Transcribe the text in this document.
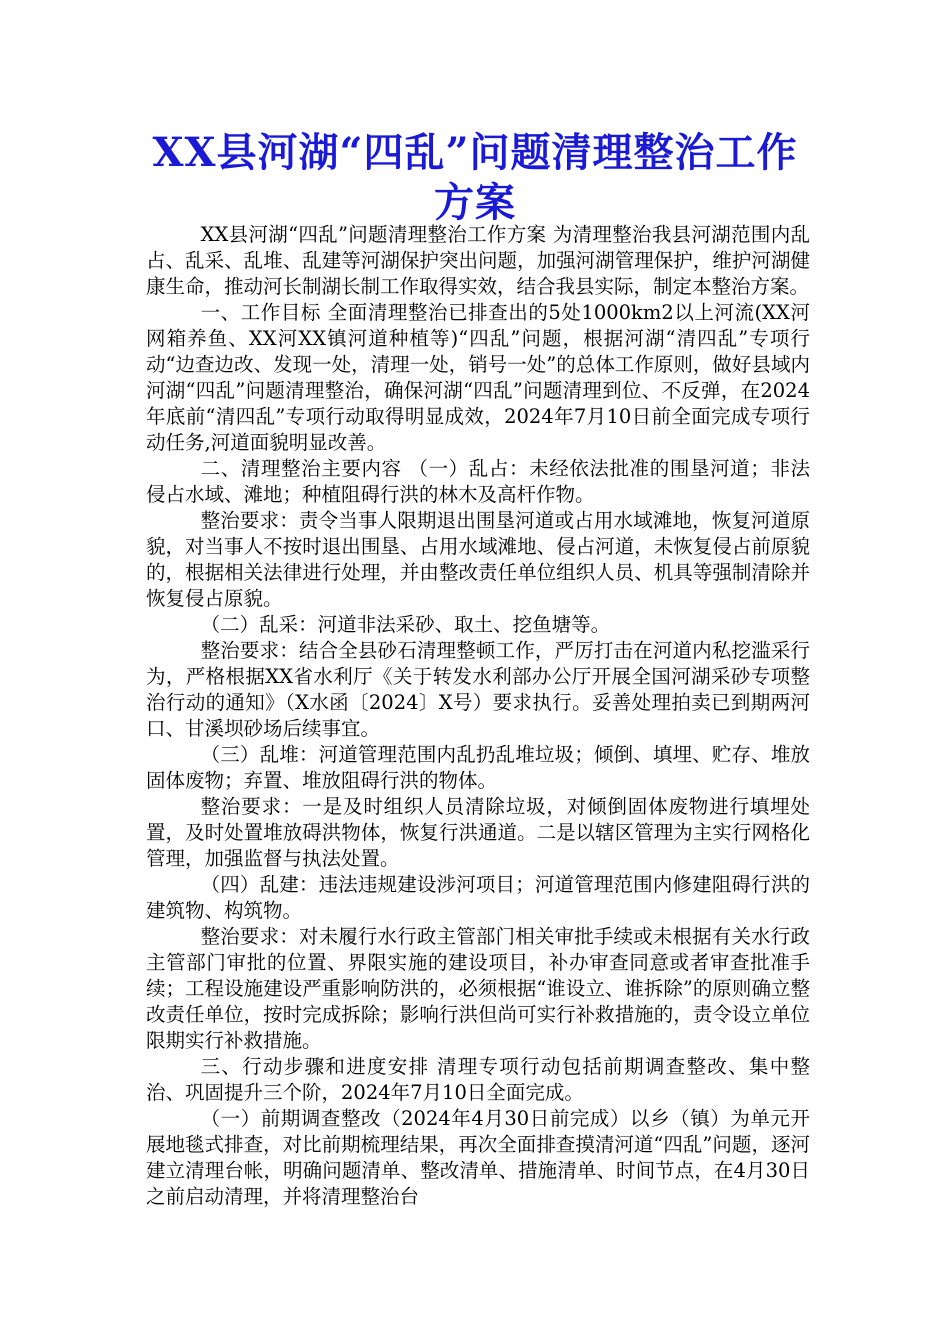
XX县河湖“四乱”问题清理整治工作方案

XX县河湖“四乱”问题清理整治工作方案 为清理整治我县河湖范围内乱占、乱采、乱堆、乱建等河湖保护突出问题，加强河湖管理保护，维护河湖健康生命，推动河长制湖长制工作取得实效，结合我县实际，制定本整治方案。

一、工作目标 全面清理整治已排查出的5处1000km2以上河流(XX河网箱养鱼、XX河XX镇河道种植等)“四乱”问题，根据河湖“清四乱”专项行动“边查边改、发现一处，清理一处，销号一处”的总体工作原则，做好县域内河湖“四乱”问题清理整治，确保河湖“四乱”问题清理到位、不反弹，在2024年底前“清四乱”专项行动取得明显成效，2024年7月10日前全面完成专项行动任务,河道面貌明显改善。

二、清理整治主要内容 （一）乱占：未经依法批准的围垦河道；非法侵占水域、滩地；种植阻碍行洪的林木及高杆作物。

整治要求：责令当事人限期退出围垦河道或占用水域滩地，恢复河道原貌，对当事人不按时退出围垦、占用水域滩地、侵占河道，未恢复侵占前原貌的，根据相关法律进行处理，并由整改责任单位组织人员、机具等强制清除并恢复侵占原貌。

（二）乱采：河道非法采砂、取土、挖鱼塘等。

整治要求：结合全县砂石清理整顿工作，严厉打击在河道内私挖滥采行为，严格根据XX省水利厅《关于转发水利部办公厅开展全国河湖采砂专项整治行动的通知》（X水函〔2024〕X号）要求执行。妥善处理拍卖已到期两河口、甘溪坝砂场后续事宜。

（三）乱堆：河道管理范围内乱扔乱堆垃圾；倾倒、填埋、贮存、堆放固体废物；弃置、堆放阻碍行洪的物体。

整治要求：一是及时组织人员清除垃圾，对倾倒固体废物进行填埋处置，及时处置堆放碍洪物体，恢复行洪通道。二是以辖区管理为主实行网格化管理，加强监督与执法处置。

（四）乱建：违法违规建设涉河项目；河道管理范围内修建阻碍行洪的建筑物、构筑物。

整治要求：对未履行水行政主管部门相关审批手续或未根据有关水行政主管部门审批的位置、界限实施的建设项目，补办审查同意或者审查批准手续；工程设施建设严重影响防洪的，必须根据“谁设立、谁拆除”的原则确立整改责任单位，按时完成拆除；影响行洪但尚可实行补救措施的，责令设立单位限期实行补救措施。

三、行动步骤和进度安排 清理专项行动包括前期调查整改、集中整治、巩固提升三个阶，2024年7月10日全面完成。

（一）前期调查整改（2024年4月30日前完成）以乡（镇）为单元开展地毯式排查，对比前期梳理结果，再次全面排查摸清河道“四乱”问题，逐河建立清理台帐，明确问题清单、整改清单、措施清单、时间节点，在4月30日之前启动清理，并将清理整治台
